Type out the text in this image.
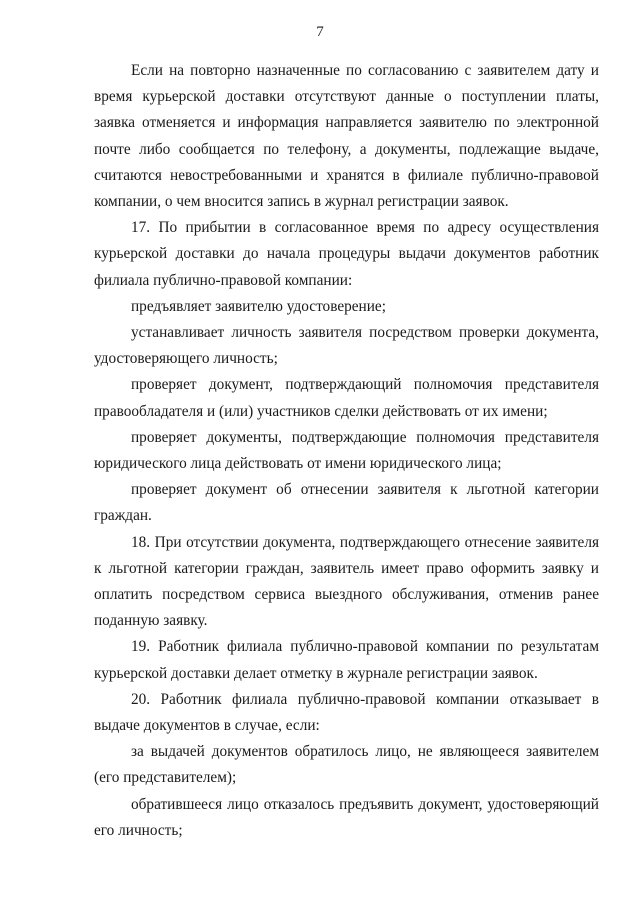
7

Если на повторно назначенные по согласованию с заявителем дату и время курьерской доставки отсутствуют данные о поступлении платы, заявка отменяется и информация направляется заявителю по электронной почте либо сообщается по телефону, а документы, подлежащие выдаче, считаются невостребованными и хранятся в филиале публично-правовой компании, о чем вносится запись в журнал регистрации заявок.

17. По прибытии в согласованное время по адресу осуществления курьерской доставки до начала процедуры выдачи документов работник филиала публично-правовой компании:

предъявляет заявителю удостоверение;

устанавливает личность заявителя посредством проверки документа, удостоверяющего личность;

проверяет документ, подтверждающий полномочия представителя правообладателя и (или) участников сделки действовать от их имени;

проверяет документы, подтверждающие полномочия представителя юридического лица действовать от имени юридического лица;

проверяет документ об отнесении заявителя к льготной категории граждан.

18. При отсутствии документа, подтверждающего отнесение заявителя к льготной категории граждан, заявитель имеет право оформить заявку и оплатить посредством сервиса выездного обслуживания, отменив ранее поданную заявку.

19. Работник филиала публично-правовой компании по результатам курьерской доставки делает отметку в журнале регистрации заявок.

20. Работник филиала публично-правовой компании отказывает в выдаче документов в случае, если:

за выдачей документов обратилось лицо, не являющееся заявителем (его представителем);

обратившееся лицо отказалось предъявить документ, удостоверяющий его личность;
